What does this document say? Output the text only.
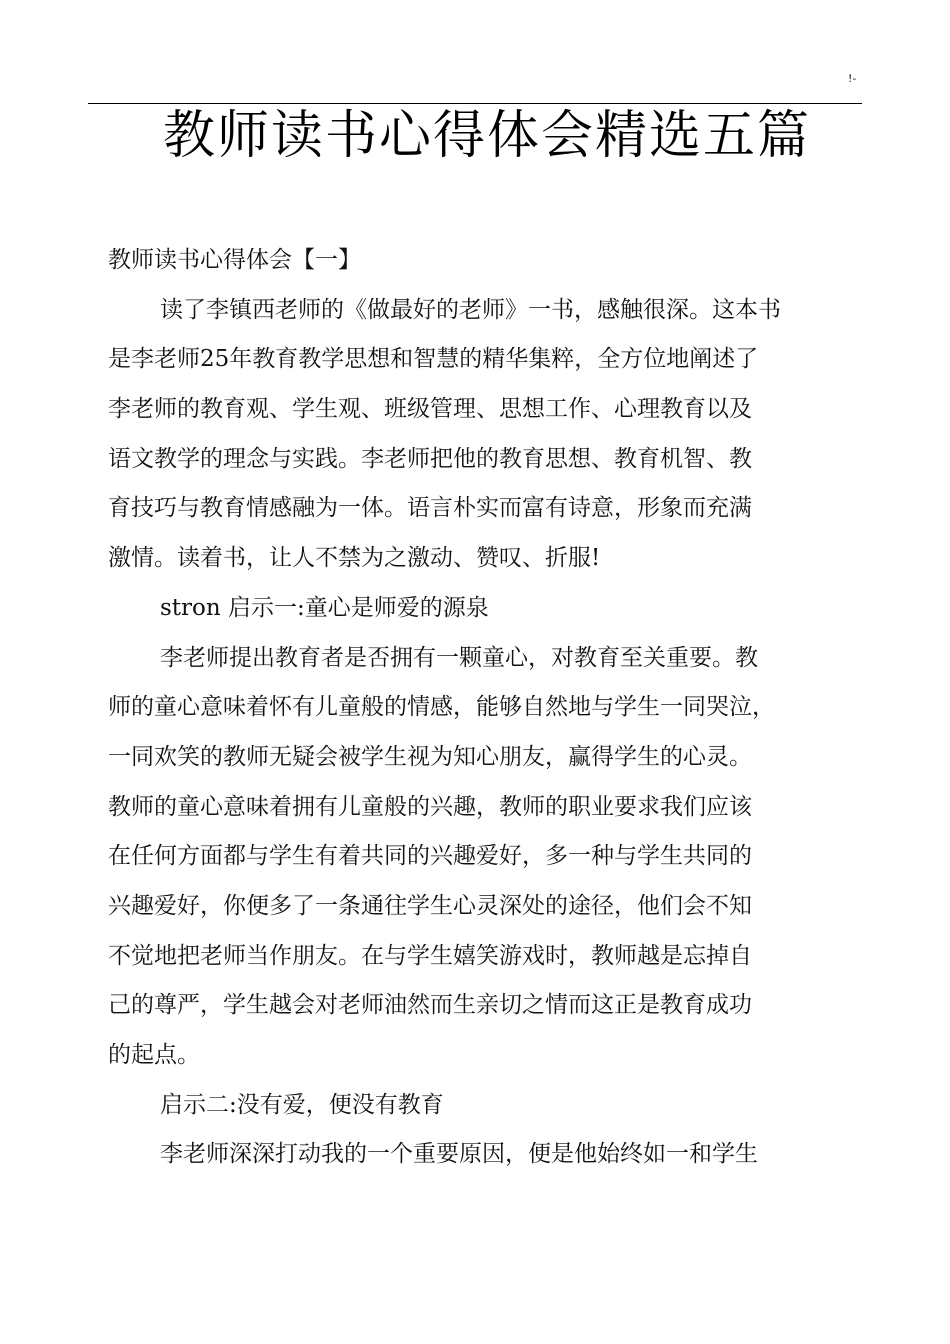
!-
教师读书心得体会精选五篇
教师读书心得体会【一】
读了李镇西老师的《做最好的老师》一书，感触很深。这本书
是李老师25年教育教学思想和智慧的精华集粹，全方位地阐述了
李老师的教育观、学生观、班级管理、思想工作、心理教育以及
语文教学的理念与实践。李老师把他的教育思想、教育机智、教
育技巧与教育情感融为一体。语言朴实而富有诗意，形象而充满
激情。读着书，让人不禁为之激动、赞叹、折服!
stron 启示一:童心是师爱的源泉
李老师提出教育者是否拥有一颗童心，对教育至关重要。教
师的童心意味着怀有儿童般的情感，能够自然地与学生一同哭泣，
一同欢笑的教师无疑会被学生视为知心朋友，赢得学生的心灵。
教师的童心意味着拥有儿童般的兴趣，教师的职业要求我们应该
在任何方面都与学生有着共同的兴趣爱好，多一种与学生共同的
兴趣爱好，你便多了一条通往学生心灵深处的途径，他们会不知
不觉地把老师当作朋友。在与学生嬉笑游戏时，教师越是忘掉自
己的尊严，学生越会对老师油然而生亲切之情而这正是教育成功
的起点。
启示二:没有爱，便没有教育
李老师深深打动我的一个重要原因，便是他始终如一和学生
